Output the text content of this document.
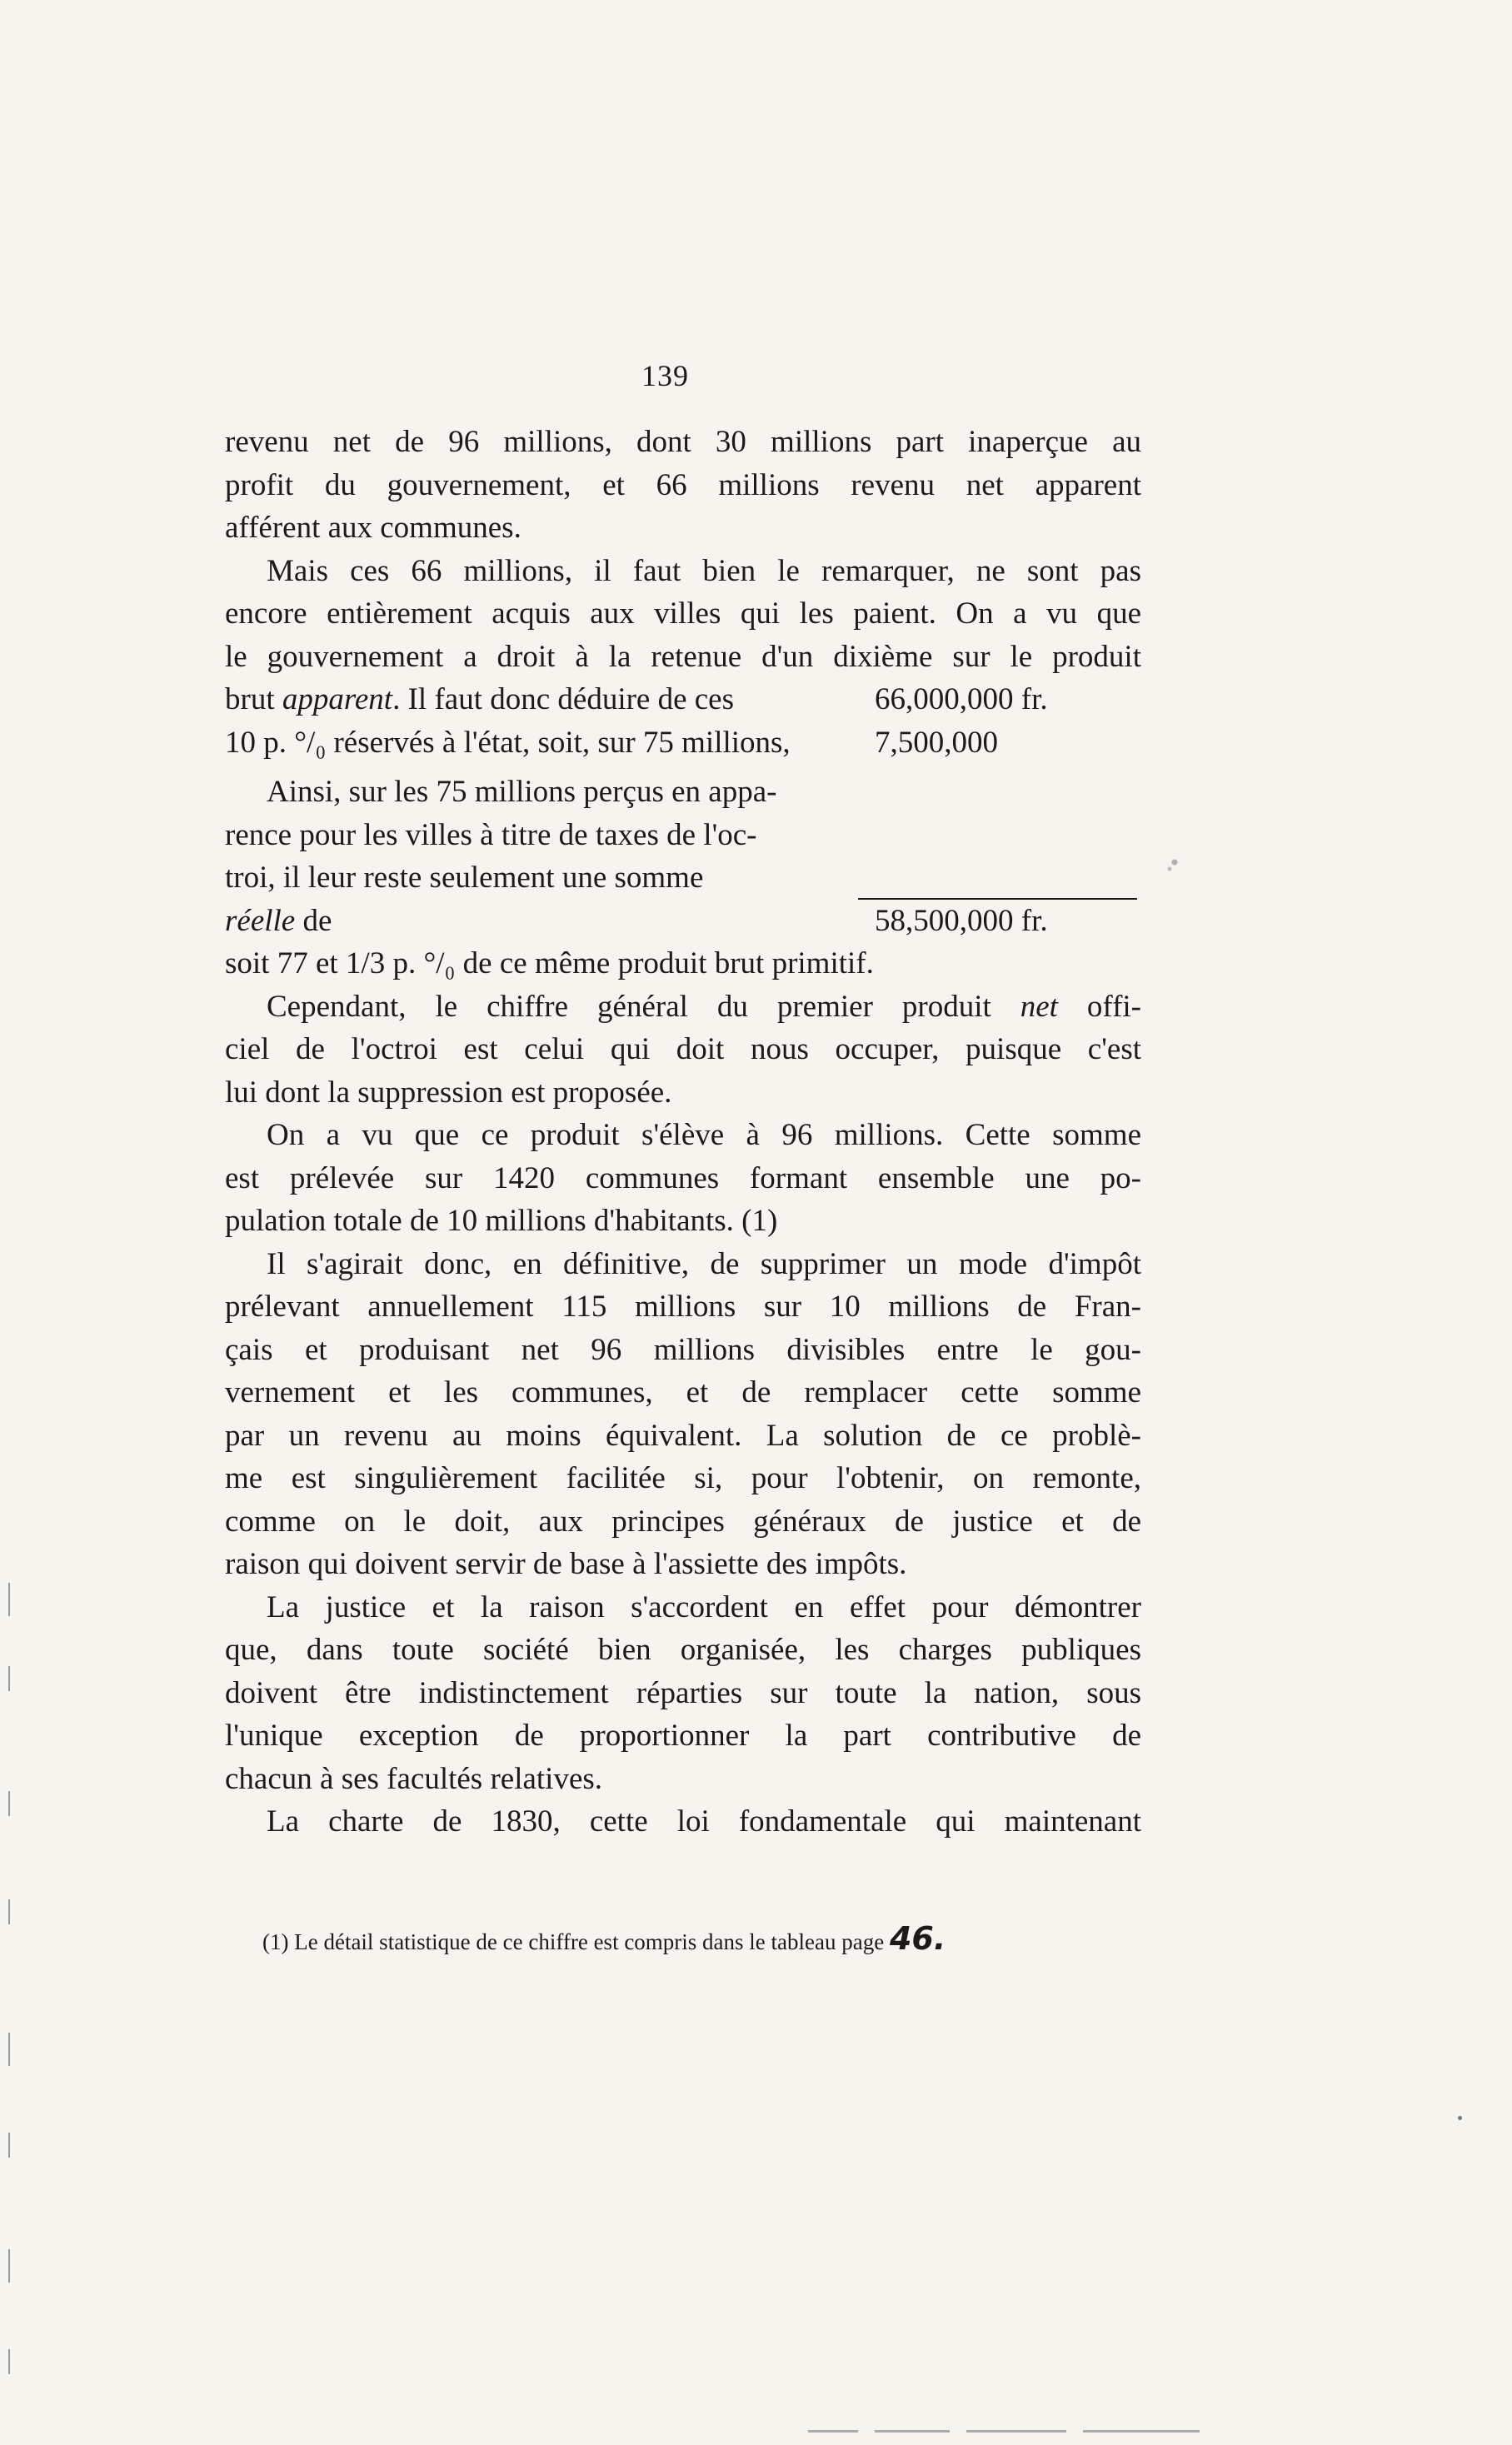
139
revenu net de 96 millions, dont 30 millions part inaperçue au
profit du gouvernement, et 66 millions revenu net apparent
afférent aux communes.
Mais ces 66 millions, il faut bien le remarquer, ne sont pas
encore entièrement acquis aux villes qui les paient. On a vu que
le gouvernement a droit à la retenue d'un dixième sur le produit
brut apparent. Il faut donc déduire de ces	66,000,000 fr.
10 p. °/₀ réservés à l'état, soit, sur 75 millions,	7,500,000
Ainsi, sur les 75 millions perçus en appa-
rence pour les villes à titre de taxes de l'oc-
troi, il leur reste seulement une somme
réelle de	58,500,000 fr.
soit 77 et 1/3 p. °/₀ de ce même produit brut primitif.
Cependant, le chiffre général du premier produit net offi-
ciel de l'octroi est celui qui doit nous occuper, puisque c'est
lui dont la suppression est proposée.
On a vu que ce produit s'élève à 96 millions. Cette somme
est prélevée sur 1420 communes formant ensemble une po-
pulation totale de 10 millions d'habitants. (1)
Il s'agirait donc, en définitive, de supprimer un mode d'impôt
prélevant annuellement 115 millions sur 10 millions de Fran-
çais et produisant net 96 millions divisibles entre le gou-
vernement et les communes, et de remplacer cette somme
par un revenu au moins équivalent. La solution de ce problè-
me est singulièrement facilitée si, pour l'obtenir, on remonte,
comme on le doit, aux principes généraux de justice et de
raison qui doivent servir de base à l'assiette des impôts.
La justice et la raison s'accordent en effet pour démontrer
que, dans toute société bien organisée, les charges publiques
doivent être indistinctement réparties sur toute la nation, sous
l'unique exception de proportionner la part contributive de
chacun à ses facultés relatives.
La charte de 1830, cette loi fondamentale qui maintenant
(1) Le détail statistique de ce chiffre est compris dans le tableau page 46.
